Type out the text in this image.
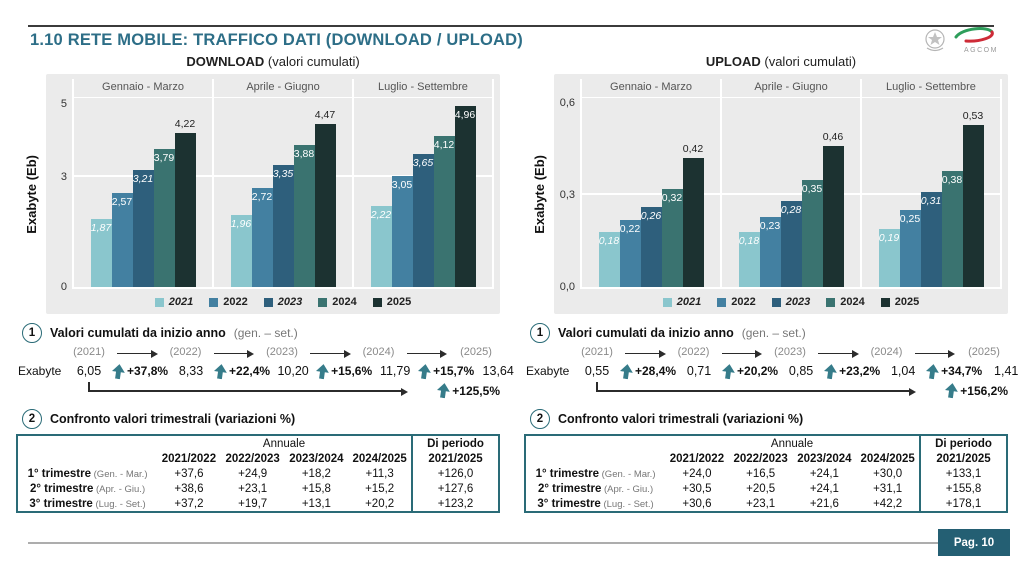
1.10 RETE MOBILE: TRAFFICO DATI (DOWNLOAD / UPLOAD)
AGCOM
DOWNLOAD (valori cumulati)
Exabyte (Eb)
5
3
0
Gennaio - Marzo
1,87
2,57
3,21
3,79
4,22
Aprile - Giugno
1,96
2,72
3,35
3,88
4,47
Luglio - Settembre
2,22
3,05
3,65
4,12
4,96
2021	2022	2023	2024	2025
1	Valori cumulati da inizio anno (gen. – set.)
(2021)	(2022)	(2023)	(2024)	(2025)
Exabyte	6,05	+37,8% 8,33	+22,4% 10,20	+15,6% 11,79	+15,7% 13,64
+125,5%
2	Confronto valori trimestrali (variazioni %)
	Annuale				Di periodo
	2021/2022	2022/2023	2023/2024	2024/2025	2021/2025
1° trimestre (Gen. - Mar.)	+37,6	+24,9	+18,2	+11,3	+126,0
2° trimestre (Apr. - Giu.)	+38,6	+23,1	+15,8	+15,2	+127,6
3° trimestre (Lug. - Set.)	+37,2	+19,7	+13,1	+20,2	+123,2
UPLOAD (valori cumulati)
Exabyte (Eb)
0,6
0,3
0,0
Gennaio - Marzo
0,18
0,22
0,26
0,32
0,42
Aprile - Giugno
0,18
0,23
0,28
0,35
0,46
Luglio - Settembre
0,19
0,25
0,31
0,38
0,53
2021	2022	2023	2024	2025
1	Valori cumulati da inizio anno (gen. – set.)
(2021)	(2022)	(2023)	(2024)	(2025)
Exabyte	0,55	+28,4% 0,71	+20,2% 0,85	+23,2% 1,04	+34,7% 1,41
+156,2%
2	Confronto valori trimestrali (variazioni %)
	Annuale				Di periodo
	2021/2022	2022/2023	2023/2024	2024/2025	2021/2025
1° trimestre (Gen. - Mar.)	+24,0	+16,5	+24,1	+30,0	+133,1
2° trimestre (Apr. - Giu.)	+30,5	+20,5	+24,1	+31,1	+155,8
3° trimestre (Lug. - Set.)	+30,6	+23,1	+21,6	+42,2	+178,1
Pag. 10
